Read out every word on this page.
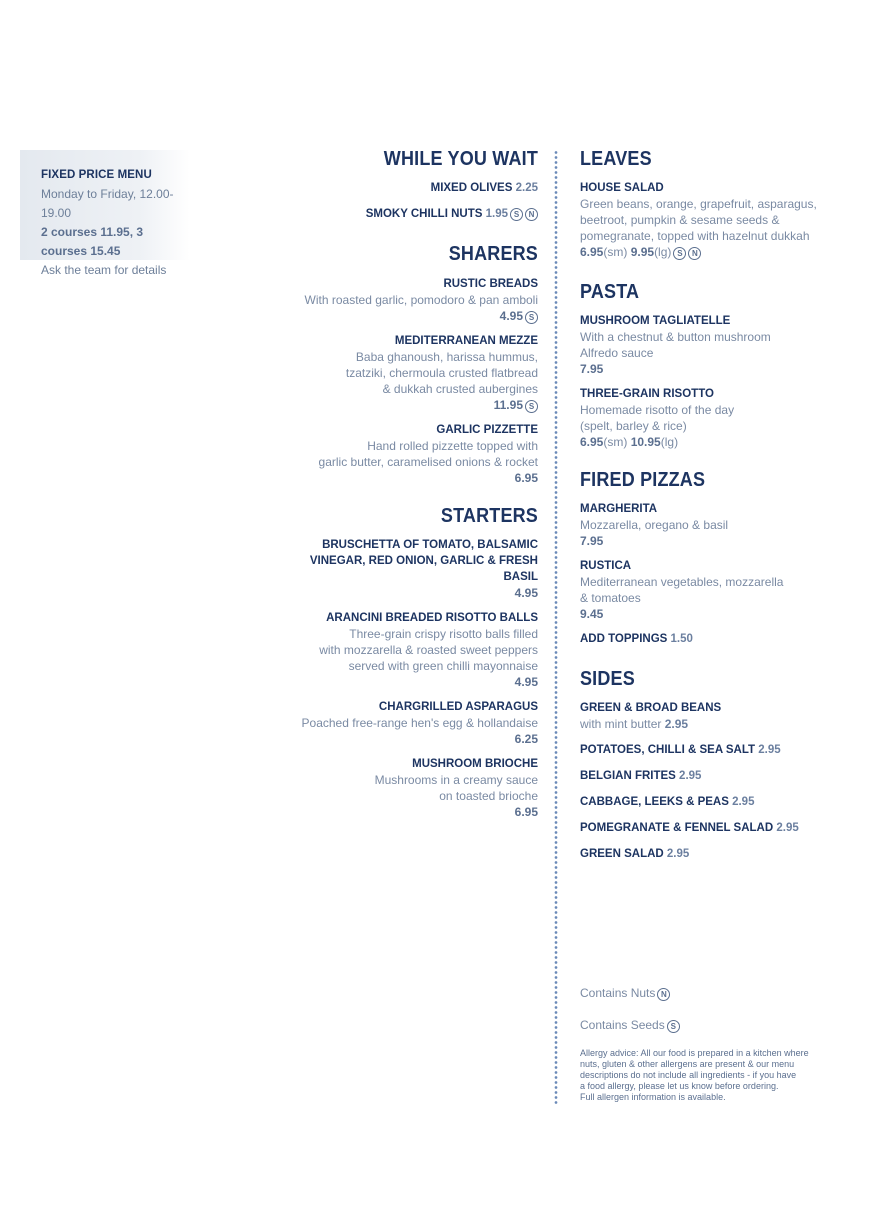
FIXED PRICE MENU
Monday to Friday, 12.00-19.00
2 courses 11.95, 3 courses 15.45
Ask the team for details
WHILE YOU WAIT
MIXED OLIVES 2.25
SMOKY CHILLI NUTS 1.95 S N
SHARERS
RUSTIC BREADS
With roasted garlic, pomodoro & pan amboli
4.95 S
MEDITERRANEAN MEZZE
Baba ghanoush, harissa hummus,
tzatziki, chermoula crusted flatbread
& dukkah crusted aubergines
11.95 S
GARLIC PIZZETTE
Hand rolled pizzette topped with
garlic butter, caramelised onions & rocket
6.95
STARTERS
BRUSCHETTA OF TOMATO, BALSAMIC
VINEGAR, RED ONION, GARLIC & FRESH BASIL
4.95
ARANCINI BREADED RISOTTO BALLS
Three-grain crispy risotto balls filled
with mozzarella & roasted sweet peppers
served with green chilli mayonnaise
4.95
CHARGRILLED ASPARAGUS
Poached free-range hen's egg & hollandaise
6.25
MUSHROOM BRIOCHE
Mushrooms in a creamy sauce
on toasted brioche
6.95
LEAVES
HOUSE SALAD
Green beans, orange, grapefruit, asparagus,
beetroot, pumpkin & sesame seeds &
pomegranate, topped with hazelnut dukkah
6.95(sm) 9.95(lg) S N
PASTA
MUSHROOM TAGLIATELLE
With a chestnut & button mushroom
Alfredo sauce
7.95
THREE-GRAIN RISOTTO
Homemade risotto of the day
(spelt, barley & rice)
6.95(sm) 10.95(lg)
FIRED PIZZAS
MARGHERITA
Mozzarella, oregano & basil
7.95
RUSTICA
Mediterranean vegetables, mozzarella
& tomatoes
9.45
ADD TOPPINGS 1.50
SIDES
GREEN & BROAD BEANS
with mint butter 2.95
POTATOES, CHILLI & SEA SALT 2.95
BELGIAN FRITES 2.95
CABBAGE, LEEKS & PEAS 2.95
POMEGRANATE & FENNEL SALAD 2.95
GREEN SALAD 2.95
Contains Nuts N
Contains Seeds S
Allergy advice: All our food is prepared in a kitchen where
nuts, gluten & other allergens are present & our menu
descriptions do not include all ingredients - if you have
a food allergy, please let us know before ordering.
Full allergen information is available.
